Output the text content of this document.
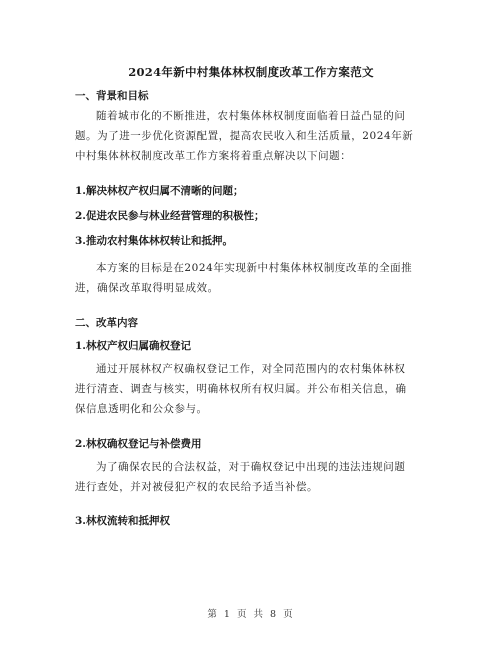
2024年新中村集体林权制度改革工作方案范文
一、背景和目标
随着城市化的不断推进，农村集体林权制度面临着日益凸显的问
题。为了进一步优化资源配置，提高农民收入和生活质量，2024年新
中村集体林权制度改革工作方案将着重点解决以下问题：
1.解决林权产权归属不清晰的问题；
2.促进农民参与林业经营管理的积极性；
3.推动农村集体林权转让和抵押。
本方案的目标是在2024年实现新中村集体林权制度改革的全面推
进，确保改革取得明显成效。
二、改革内容
1.林权产权归属确权登记
通过开展林权产权确权登记工作，对全同范围内的农村集体林权
进行清查、调查与核实，明确林权所有权归属。并公布相关信息，确
保信息透明化和公众参与。
2.林权确权登记与补偿费用
为了确保农民的合法权益，对于确权登记中出现的违法违规问题
进行查处，并对被侵犯产权的农民给予适当补偿。
3.林权流转和抵押权
第 1 页 共 8 页
